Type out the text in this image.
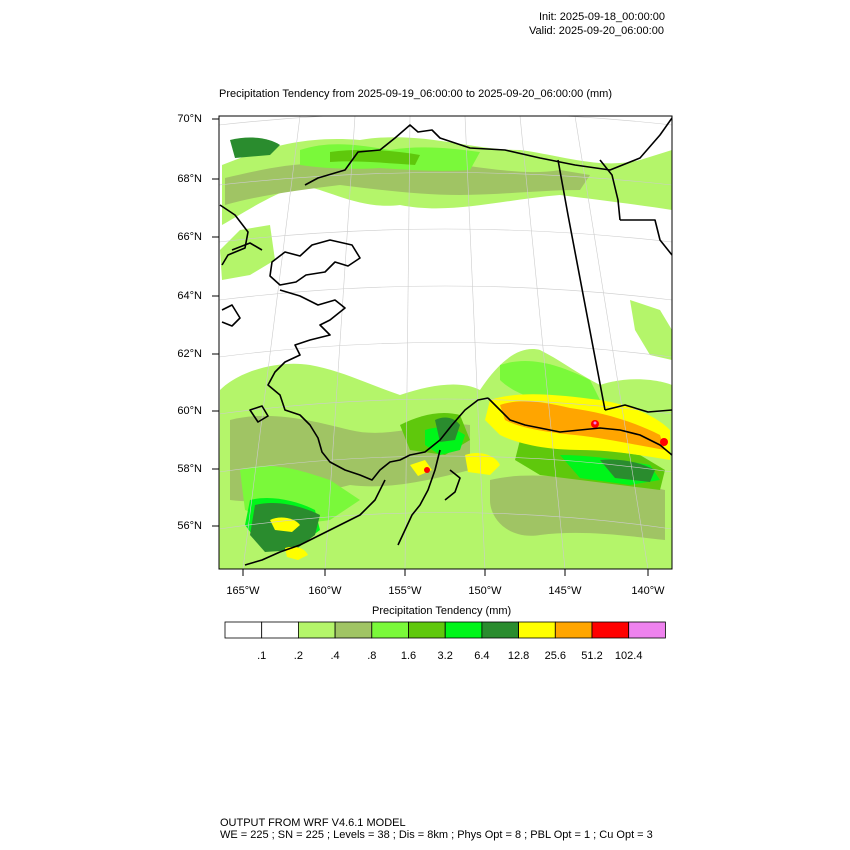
Init: 2025-09-18_00:00:00
Valid: 2025-09-20_06:00:00
Precipitation Tendency from 2025-09-19_06:00:00 to 2025-09-20_06:00:00 (mm)
70°N
68°N
66°N
64°N
62°N
60°N
58°N
56°N
165°W	160°W	155°W	150°W	145°W	140°W
Precipitation Tendency (mm)
.1	.2	.4	.8	1.6	3.2	6.4	12.8	25.6	51.2	102.4
OUTPUT FROM WRF V4.6.1 MODEL
WE = 225 ; SN = 225 ; Levels = 38 ; Dis = 8km ; Phys Opt = 8 ; PBL Opt = 1 ; Cu Opt = 3
